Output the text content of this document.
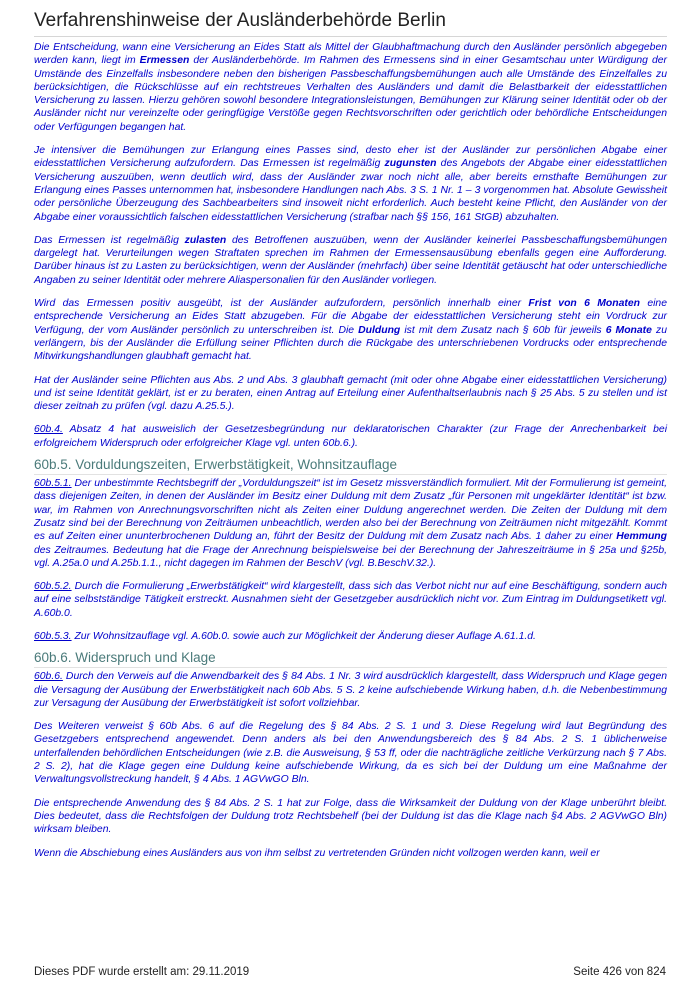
Verfahrenshinweise der Ausländerbehörde Berlin

Die Entscheidung, wann eine Versicherung an Eides Statt als Mittel der Glaubhaftmachung durch den Ausländer persönlich abgegeben werden kann, liegt im Ermessen der Ausländerbehörde. Im Rahmen des Ermessens sind in einer Gesamtschau unter Würdigung der Umstände des Einzelfalls insbesondere neben den bisherigen Passbeschaffungsbemühungen auch alle Umstände des Einzelfalles zu berücksichtigen, die Rückschlüsse auf ein rechtstreues Verhalten des Ausländers und damit die Belastbarkeit der eidesstattlichen Versicherung zu lassen. Hierzu gehören sowohl besondere Integrationsleistungen, Bemühungen zur Klärung seiner Identität oder ob der Ausländer nicht nur vereinzelte oder geringfügige Verstöße gegen Rechtsvorschriften oder gerichtlich oder behördliche Entscheidungen oder Verfügungen begangen hat.

Je intensiver die Bemühungen zur Erlangung eines Passes sind, desto eher ist der Ausländer zur persönlichen Abgabe einer eidesstattlichen Versicherung aufzufordern. Das Ermessen ist regelmäßig zugunsten des Angebots der Abgabe einer eidesstattlichen Versicherung auszuüben, wenn deutlich wird, dass der Ausländer zwar noch nicht alle, aber bereits ernsthafte Bemühungen zur Erlangung eines Passes unternommen hat, insbesondere Handlungen nach Abs. 3 S. 1 Nr. 1 – 3 vorgenommen hat. Absolute Gewissheit oder persönliche Überzeugung des Sachbearbeiters sind insoweit nicht erforderlich. Auch besteht keine Pflicht, den Ausländer von der Abgabe einer voraussichtlich falschen eidesstattlichen Versicherung (strafbar nach §§ 156, 161 StGB) abzuhalten.

Das Ermessen ist regelmäßig zulasten des Betroffenen auszuüben, wenn der Ausländer keinerlei Passbeschaffungsbemühungen dargelegt hat. Verurteilungen wegen Straftaten sprechen im Rahmen der Ermessensausübung ebenfalls gegen eine Aufforderung. Darüber hinaus ist zu Lasten zu berücksichtigen, wenn der Ausländer (mehrfach) über seine Identität getäuscht hat oder unterschiedliche Angaben zu seiner Identität oder mehrere Aliaspersonalien für den Ausländer vorliegen.

Wird das Ermessen positiv ausgeübt, ist der Ausländer aufzufordern, persönlich innerhalb einer Frist von 6 Monaten eine entsprechende Versicherung an Eides Statt abzugeben. Für die Abgabe der eidesstattlichen Versicherung steht ein Vordruck zur Verfügung, der vom Ausländer persönlich zu unterschreiben ist. Die Duldung ist mit dem Zusatz nach § 60b für jeweils 6 Monate zu verlängern, bis der Ausländer die Erfüllung seiner Pflichten durch die Rückgabe des unterschriebenen Vordrucks oder entsprechende Mitwirkungshandlungen glaubhaft gemacht hat.

Hat der Ausländer seine Pflichten aus Abs. 2 und Abs. 3 glaubhaft gemacht (mit oder ohne Abgabe einer eidesstattlichen Versicherung) und ist seine Identität geklärt, ist er zu beraten, einen Antrag auf Erteilung einer Aufenthaltserlaubnis nach § 25 Abs. 5 zu stellen und ist dieser zeitnah zu prüfen (vgl. dazu A.25.5.).

60b.4. Absatz 4 hat ausweislich der Gesetzesbegründung nur deklaratorischen Charakter (zur Frage der Anrechenbarkeit bei erfolgreichem Widerspruch oder erfolgreicher Klage vgl. unten 60b.6.).

60b.5. Vorduldungszeiten, Erwerbstätigkeit, Wohnsitzauflage

60b.5.1. Der unbestimmte Rechtsbegriff der „Vorduldungszeit“ ist im Gesetz missverständlich formuliert. Mit der Formulierung ist gemeint, dass diejenigen Zeiten, in denen der Ausländer im Besitz einer Duldung mit dem Zusatz „für Personen mit ungeklärter Identität“ ist bzw. war, im Rahmen von Anrechnungsvorschriften nicht als Zeiten einer Duldung angerechnet werden. Die Zeiten der Duldung mit dem Zusatz sind bei der Berechnung von Zeiträumen unbeachtlich, werden also bei der Berechnung von Zeiträumen nicht mitgezählt. Kommt es auf Zeiten einer ununterbrochenen Duldung an, führt der Besitz der Duldung mit dem Zusatz nach Abs. 1 daher zu einer Hemmung des Zeitraumes. Bedeutung hat die Frage der Anrechnung beispielsweise bei der Berechnung der Jahreszeiträume in § 25a und §25b, vgl. A.25a.0 und A.25b.1.1., nicht dagegen im Rahmen der BeschV (vgl. B.BeschV.32.).

60b.5.2. Durch die Formulierung „Erwerbstätigkeit“ wird klargestellt, dass sich das Verbot nicht nur auf eine Beschäftigung, sondern auch auf eine selbstständige Tätigkeit erstreckt. Ausnahmen sieht der Gesetzgeber ausdrücklich nicht vor. Zum Eintrag im Duldungsetikett vgl. A.60b.0.

60b.5.3. Zur Wohnsitzauflage vgl. A.60b.0. sowie auch zur Möglichkeit der Änderung dieser Auflage A.61.1.d.

60b.6. Widerspruch und Klage

60b.6. Durch den Verweis auf die Anwendbarkeit des § 84 Abs. 1 Nr. 3 wird ausdrücklich klargestellt, dass Widerspruch und Klage gegen die Versagung der Ausübung der Erwerbstätigkeit nach 60b Abs. 5 S. 2 keine aufschiebende Wirkung haben, d.h. die Nebenbestimmung zur Versagung der Ausübung der Erwerbstätigkeit ist sofort vollziehbar.

Des Weiteren verweist § 60b Abs. 6 auf die Regelung des § 84 Abs. 2 S. 1 und 3. Diese Regelung wird laut Begründung des Gesetzgebers entsprechend angewendet. Denn anders als bei den Anwendungsbereich des § 84 Abs. 2 S. 1 üblicherweise unterfallenden behördlichen Entscheidungen (wie z.B. die Ausweisung, § 53 ff, oder die nachträgliche zeitliche Verkürzung nach § 7 Abs. 2 S. 2), hat die Klage gegen eine Duldung keine aufschiebende Wirkung, da es sich bei der Duldung um eine Maßnahme der Verwaltungsvollstreckung handelt, § 4 Abs. 1 AGVwGO Bln.

Die entsprechende Anwendung des § 84 Abs. 2 S. 1 hat zur Folge, dass die Wirksamkeit der Duldung von der Klage unberührt bleibt. Dies bedeutet, dass die Rechtsfolgen der Duldung trotz Rechtsbehelf (bei der Duldung ist das die Klage nach §4 Abs. 2 AGVwGO Bln) wirksam bleiben.

Wenn die Abschiebung eines Ausländers aus von ihm selbst zu vertretenden Gründen nicht vollzogen werden kann, weil er

Dieses PDF wurde erstellt am: 29.11.2019	Seite 426 von 824
